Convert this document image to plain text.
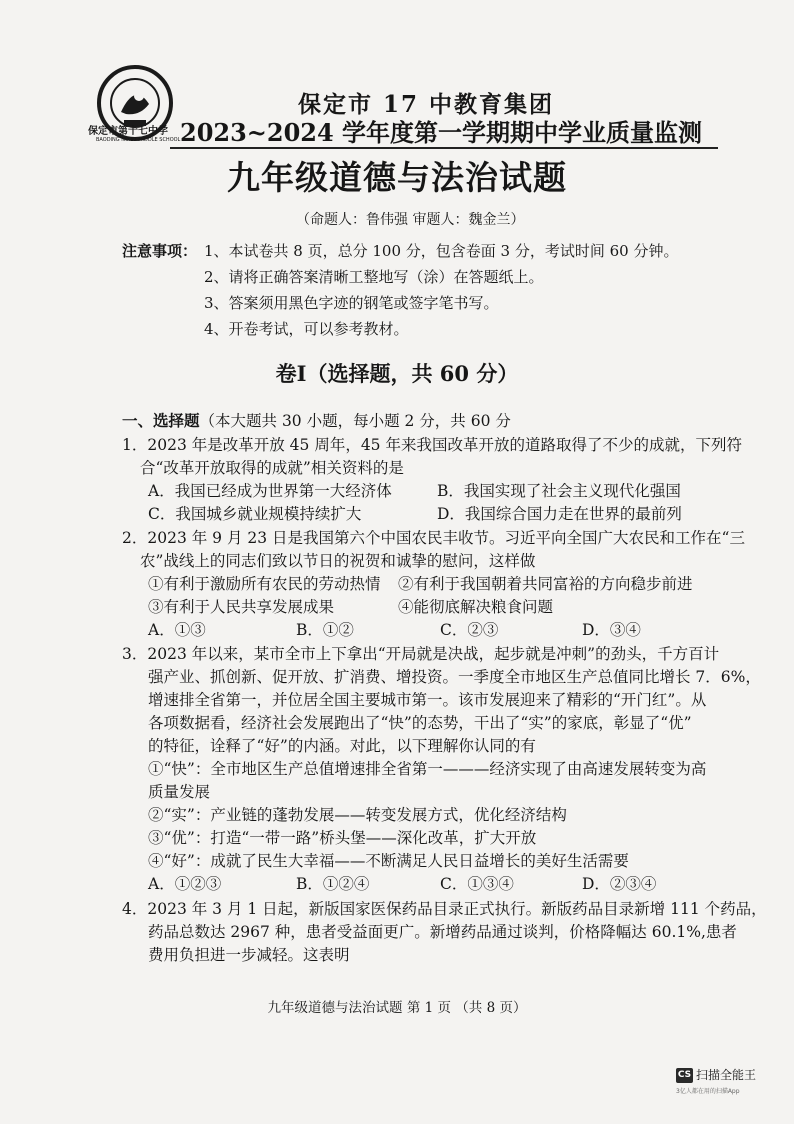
保定市第十七中学
BAODING NO.17 MIDDLE SCHOOL
保定市 17 中教育集团
2023~2024 学年度第一学期期中学业质量监测
九年级道德与法治试题
（命题人：鲁伟强 审题人：魏金兰）
注意事项： 1、本试卷共 8 页，总分 100 分，包含卷面 3 分，考试时间 60 分钟。
2、请将正确答案清晰工整地写（涂）在答题纸上。
3、答案须用黑色字迹的钢笔或签字笔书写。
4、开卷考试，可以参考教材。
卷I（选择题，共 60 分）
一、选择题（本大题共 30 小题，每小题 2 分，共 60 分
1．2023 年是改革开放 45 周年，45 年来我国改革开放的道路取得了不少的成就，下列符
合“改革开放取得的成就”相关资料的是
A．我国已经成为世界第一大经济体	B．我国实现了社会主义现代化强国
C．我国城乡就业规模持续扩大	D．我国综合国力走在世界的最前列
2．2023 年 9 月 23 日是我国第六个中国农民丰收节。习近平向全国广大农民和工作在“三
农”战线上的同志们致以节日的祝贺和诚挚的慰问，这样做
①有利于激励所有农民的劳动热情 ②有利于我国朝着共同富裕的方向稳步前进
③有利于人民共享发展成果	④能彻底解决粮食问题
A．①③	B．①②	C．②③	D．③④
3．2023 年以来，某市全市上下拿出“开局就是决战，起步就是冲刺”的劲头，千方百计
强产业、抓创新、促开放、扩消费、增投资。一季度全市地区生产总值同比增长 7．6%，
增速排全省第一，并位居全国主要城市第一。该市发展迎来了精彩的“开门红”。从
各项数据看，经济社会发展跑出了“快”的态势，干出了“实”的家底，彰显了“优”
的特征，诠释了“好”的内涵。对此，以下理解你认同的有
①“快”：全市地区生产总值增速排全省第一———经济实现了由高速发展转变为高
质量发展
②“实”：产业链的蓬勃发展——转变发展方式，优化经济结构
③“优”：打造“一带一路”桥头堡——深化改革，扩大开放
④“好”：成就了民生大幸福——不断满足人民日益增长的美好生活需要
A．①②③	B．①②④	C．①③④	D．②③④
4．2023 年 3 月 1 日起，新版国家医保药品目录正式执行。新版药品目录新增 111 个药品，
药品总数达 2967 种，患者受益面更广。新增药品通过谈判，价格降幅达 60.1%,患者
费用负担进一步减轻。这表明
九年级道德与法治试题 第 1 页 （共 8 页）
CS 扫描全能王
3亿人都在用的扫描App
